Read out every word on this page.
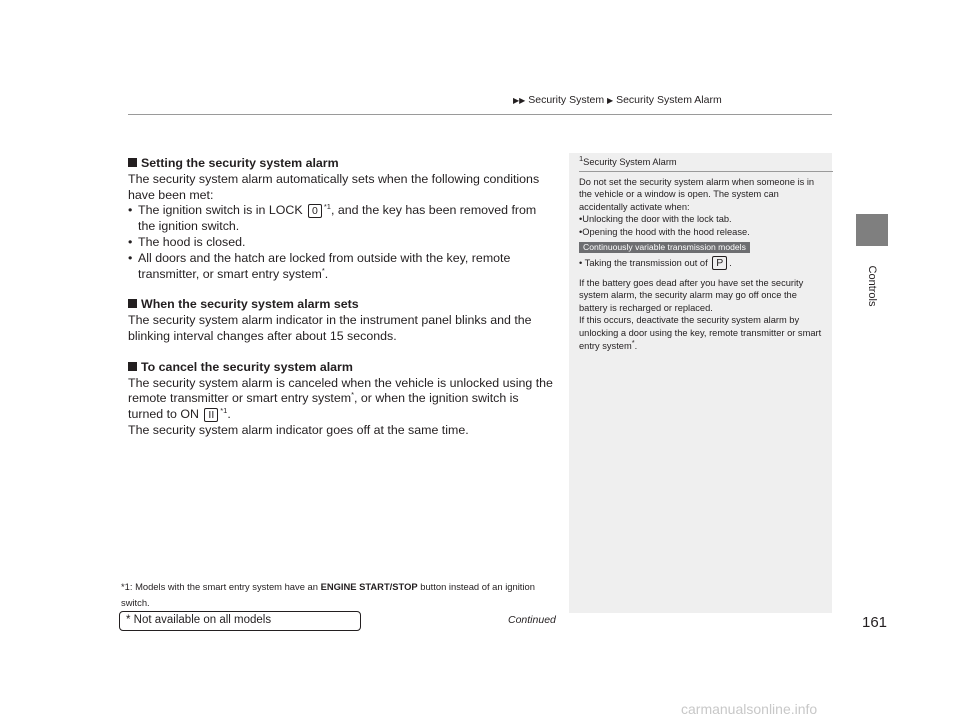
▶▶ Security System ▶ Security System Alarm
Controls
Setting the security system alarm

The security system alarm automatically sets when the following conditions have been met:

• The ignition switch is in LOCK 0 $^{*1}$, and the key has been removed from the ignition switch.
• The hood is closed.
• All doors and the hatch are locked from outside with the key, remote transmitter, or smart entry system*.
When the security system alarm sets

The security system alarm indicator in the instrument panel blinks and the blinking interval changes after about 15 seconds.

To cancel the security system alarm

The security system alarm is canceled when the vehicle is unlocked using the remote transmitter or smart entry system*, or when the ignition switch is turned to ON II $^{*1}$.

The security system alarm indicator goes off at the same time.

*1: Models with the smart entry system have an ENGINE START/STOP button instead of an ignition switch.
$^1$Security System Alarm

Do not set the security system alarm when someone is in the vehicle or a window is open. The system can accidentally activate when:

•Unlocking the door with the lock tab.

•Opening the hood with the hood release.

Continuously variable transmission models

• Taking the transmission out of P .

If the battery goes dead after you have set the security system alarm, the security alarm may go off once the battery is recharged or replaced.

If this occurs, deactivate the security system alarm by unlocking a door using the key, remote transmitter or smart entry system*.

Continued	161
* Not available on all models
carmanualsonline.info
